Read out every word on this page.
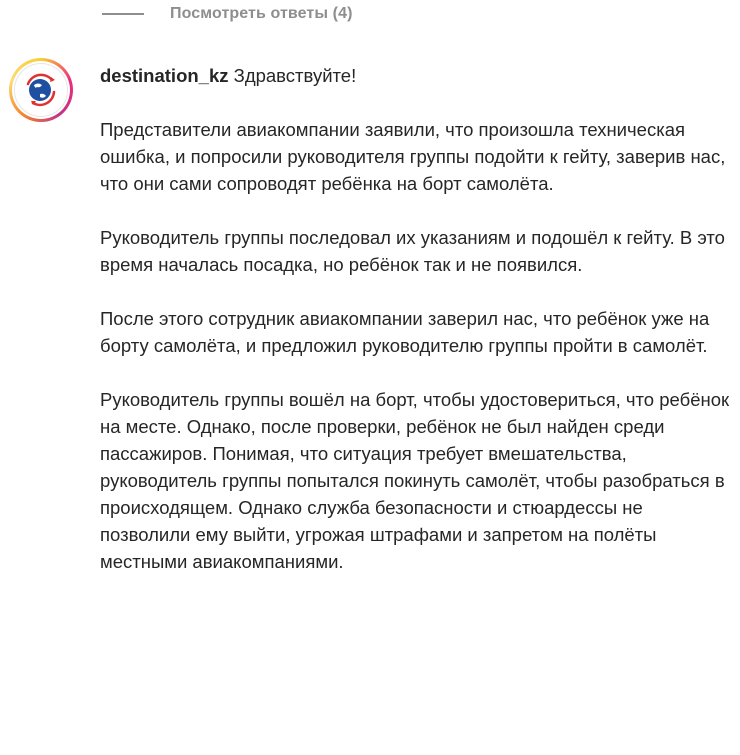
Посмотреть ответы (4)

destination_kz Здравствуйте!

Представители авиакомпании заявили, что произошла техническая ошибка, и попросили руководителя группы подойти к гейту, заверив нас, что они сами сопроводят ребёнка на борт самолёта.

Руководитель группы последовал их указаниям и подошёл к гейту. В это время началась посадка, но ребёнок так и не появился.

После этого сотрудник авиакомпании заверил нас, что ребёнок уже на борту самолёта, и предложил руководителю группы пройти в самолёт.

Руководитель группы вошёл на борт, чтобы удостовериться, что ребёнок на месте. Однако, после проверки, ребёнок не был найден среди пассажиров. Понимая, что ситуация требует вмешательства, руководитель группы попытался покинуть самолёт, чтобы разобраться в происходящем. Однако служба безопасности и стюардессы не позволили ему выйти, угрожая штрафами и запретом на полёты местными авиакомпаниями.
